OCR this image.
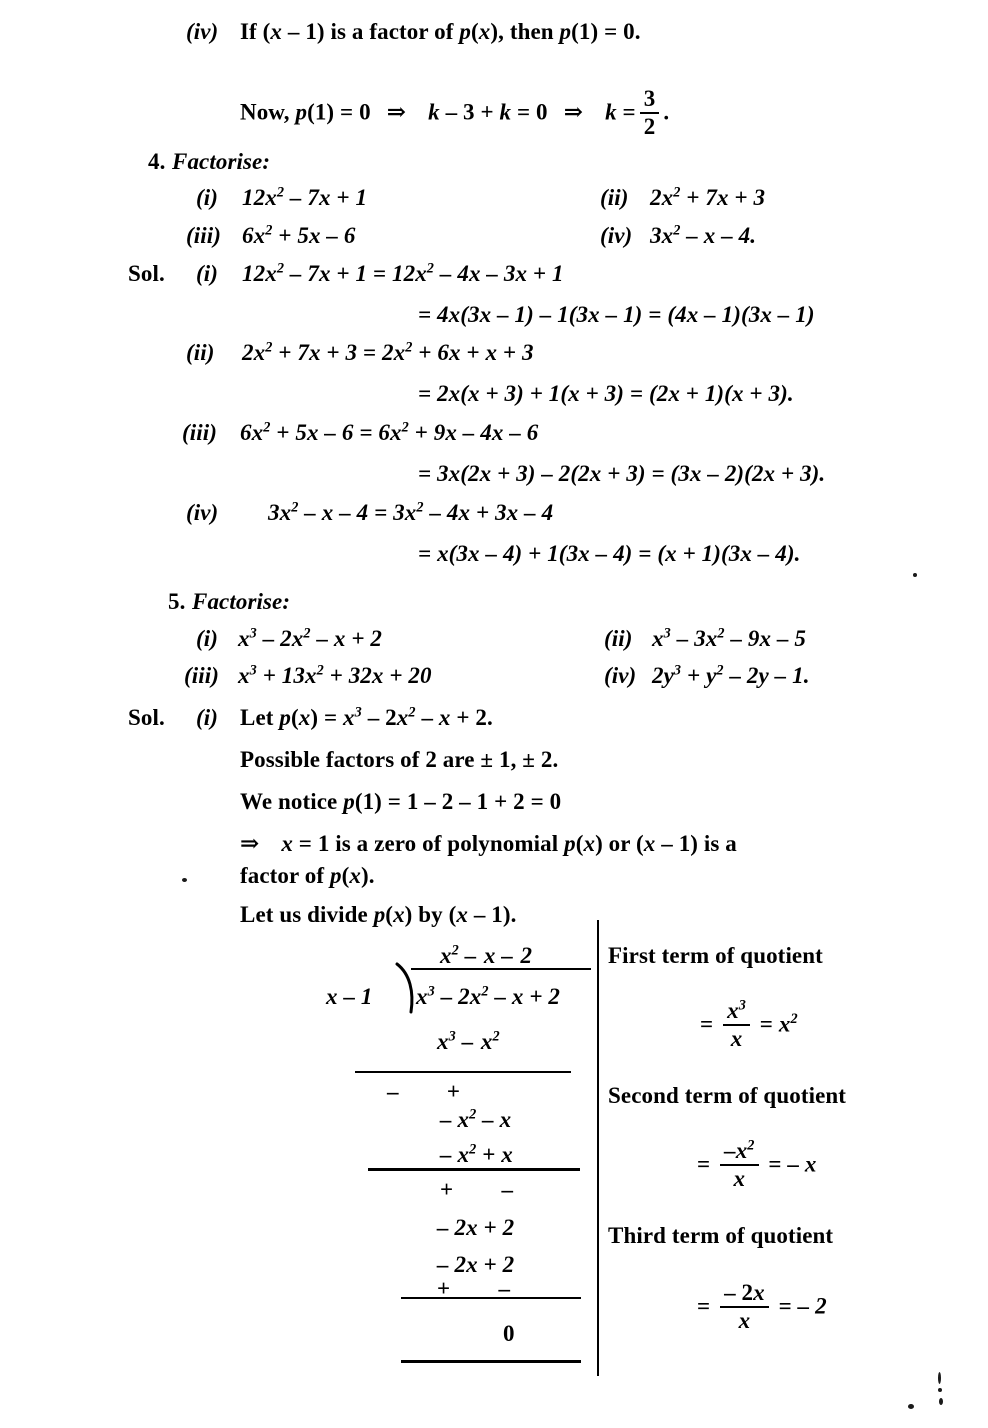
(iv) If (x – 1) is a factor of p(x), then p(1) = 0.
Now, p(1) = 0 ⇒ k – 3 + k = 0 ⇒ $k = \frac{3}{2}$ .
4. Factorise:
(i) $12x^2 - 7x + 1$	(ii) $2x^2 + 7x + 3$
(iii) $6x^2 + 5x - 6$	(iv) $3x^2$ – x – 4.
Sol. (i) $12x^2 - 7x + 1 = 12x^2 - 4x - 3x + 1$
= 4x(3x – 1) – 1(3x – 1) = (4x – 1)(3x – 1)
(ii) $2x^2 + 7x + 3 = 2x^2 + 6x + x + 3$
= 2x(x + 3) + 1(x + 3) = (2x + 1)(x + 3).
(iii) $6x^2 + 5x - 6 = 6x^2 + 9x - 4x - 6$
= 3x(2x + 3) – 2(2x + 3) = (3x – 2)(2x + 3).
(iv) $3x^2 - x - 4 = 3x^2 - 4x + 3x - 4$
= x(3x – 4) + 1(3x – 4) = (x + 1)(3x – 4).
5. Factorise:
(i) $x^3 - 2x^2 - x + 2$	(ii) $x^3 - 3x^2 - 9x - 5$
(iii) $x^3 + 13x^2 + 32x + 20$	(iv) $2y^3 + y^2 - 2y - 1$.
Sol. (i) Let $p(x) = x^3 - 2x^2 - x + 2$.
Possible factors of 2 are ± 1, ± 2.
We notice p(1) = 1 – 2 – 1 + 2 = 0
⇒ x = 1 is a zero of polynomial p(x) or (x – 1) is a
factor of p(x).
Let us divide p(x) by (x – 1).
$x^2$ – x – 2
x – 1 $x^3 - 2x^2 - x + 2$
$x^3 - x^2$
– +
– $x^2$ – x
– $x^2 + x$
+ –
– 2x + 2
– 2x + 2
+ –
0
First term of quotient
= $\frac{x^3}{x} = x^2$
Second term of quotient
= $\frac{-x^2}{x}$ = – x
Third term of quotient
= $\frac{- 2x}{x}$ = – 2
